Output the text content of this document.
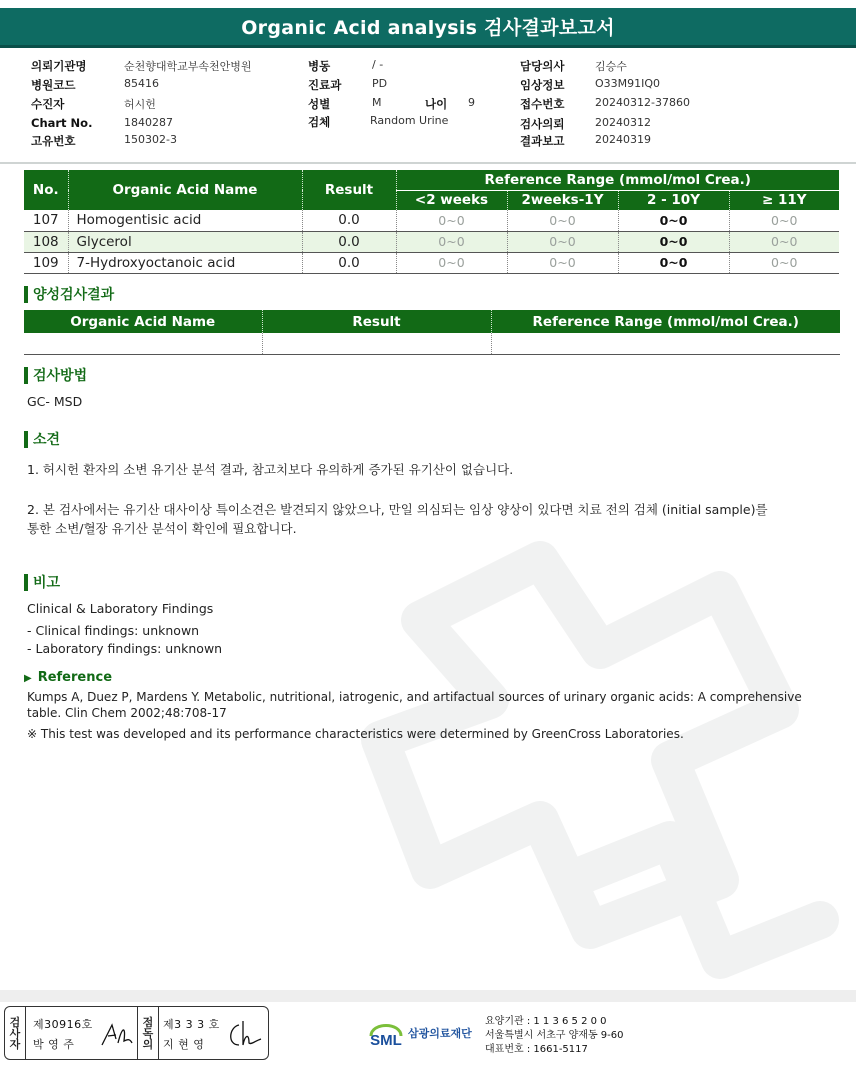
Organic Acid analysis 검사결과보고서
의뢰기관명	순천향대학교부속천안병원
병원코드	85416
수진자	허시헌
Chart No.	1840287
고유번호	150302-3
병동	/ -
진료과	PD
성별	M	나이 9
검체	Random Urine
담당의사	김승수
임상정보	O33M91IQ0
접수번호	20240312-37860
검사의뢰	20240312
결과보고	20240319
No.	Organic Acid Name	Result	Reference Range (mmol/mol Crea.)			
			<2 weeks	2weeks-1Y	2 - 10Y	≥ 11Y
107	Homogentisic acid	0.0	0~0	0~0	0~0	0~0
108	Glycerol	0.0	0~0	0~0	0~0	0~0
109	7-Hydroxyoctanoic acid	0.0	0~0	0~0	0~0	0~0
양성검사결과
Organic Acid Name	Result	Reference Range (mmol/mol Crea.)

검사방법
GC- MSD
소견
1. 허시헌 환자의 소변 유기산 분석 결과, 참고치보다 유의하게 증가된 유기산이 없습니다.
2. 본 검사에서는 유기산 대사이상 특이소견은 발견되지 않았으나, 만일 의심되는 임상 양상이 있다면 치료 전의 검체 (initial sample)를
통한 소변/혈장 유기산 분석이 확인에 필요합니다.
비고
Clinical & Laboratory Findings
- Clinical findings: unknown
- Laboratory findings: unknown
▶ Reference
Kumps A, Duez P, Mardens Y. Metabolic, nutritional, iatrogenic, and artifactual sources of urinary organic acids: A comprehensive table. Clin Chem 2002;48:708-17
※ This test was developed and its performance characteristics were determined by GreenCross Laboratories.
검
사
자
제30916호
박 영 주
점
독
의
제3 3 3 호
지 현 영	SML 삼광의료재단
요양기관 : 1 1 3 6 5 2 0 0
서울특별시 서초구 양재동 9-60
대표번호 : 1661-5117
